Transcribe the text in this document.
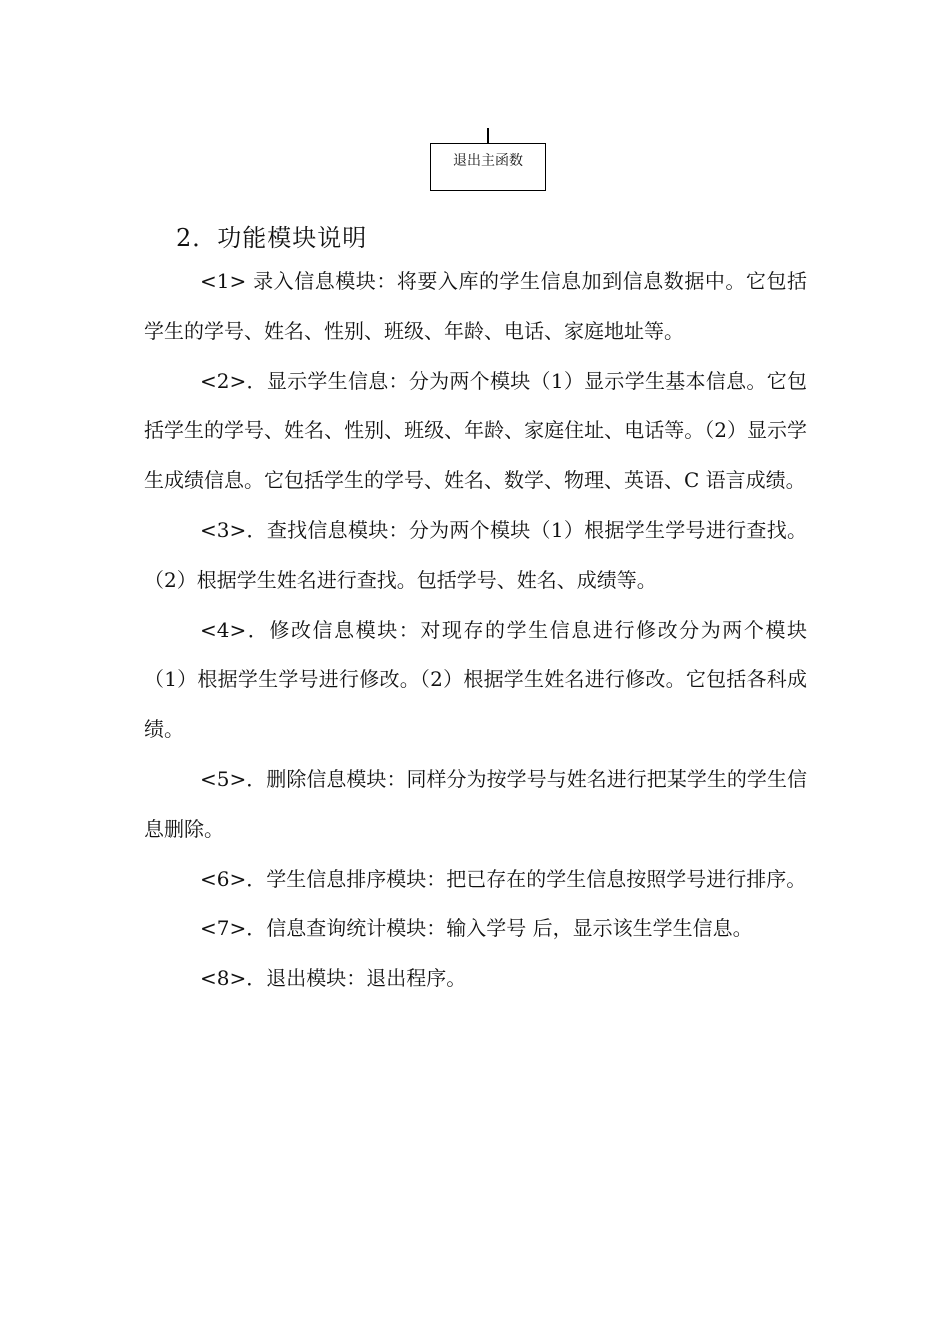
退出主函数
2．功能模块说明

<1> 录入信息模块：将要入库的学生信息加到信息数据中。它包括学生的学号、姓名、性别、班级、年龄、电话、家庭地址等。

<2>．显示学生信息：分为两个模块（1）显示学生基本信息。它包括学生的学号、姓名、性别、班级、年龄、家庭住址、电话等。（2）显示学生成绩信息。它包括学生的学号、姓名、数学、物理、英语、C 语言成绩。

<3>．查找信息模块：分为两个模块（1）根据学生学号进行查找。（2）根据学生姓名进行查找。包括学号、姓名、成绩等。

<4>．修改信息模块：对现存的学生信息进行修改分为两个模块（1）根据学生学号进行修改。（2）根据学生姓名进行修改。它包括各科成绩。

<5>．删除信息模块：同样分为按学号与姓名进行把某学生的学生信息删除。

<6>．学生信息排序模块：把已存在的学生信息按照学号进行排序。

<7>．信息查询统计模块：输入学号 后，显示该生学生信息。

<8>．退出模块：退出程序。
